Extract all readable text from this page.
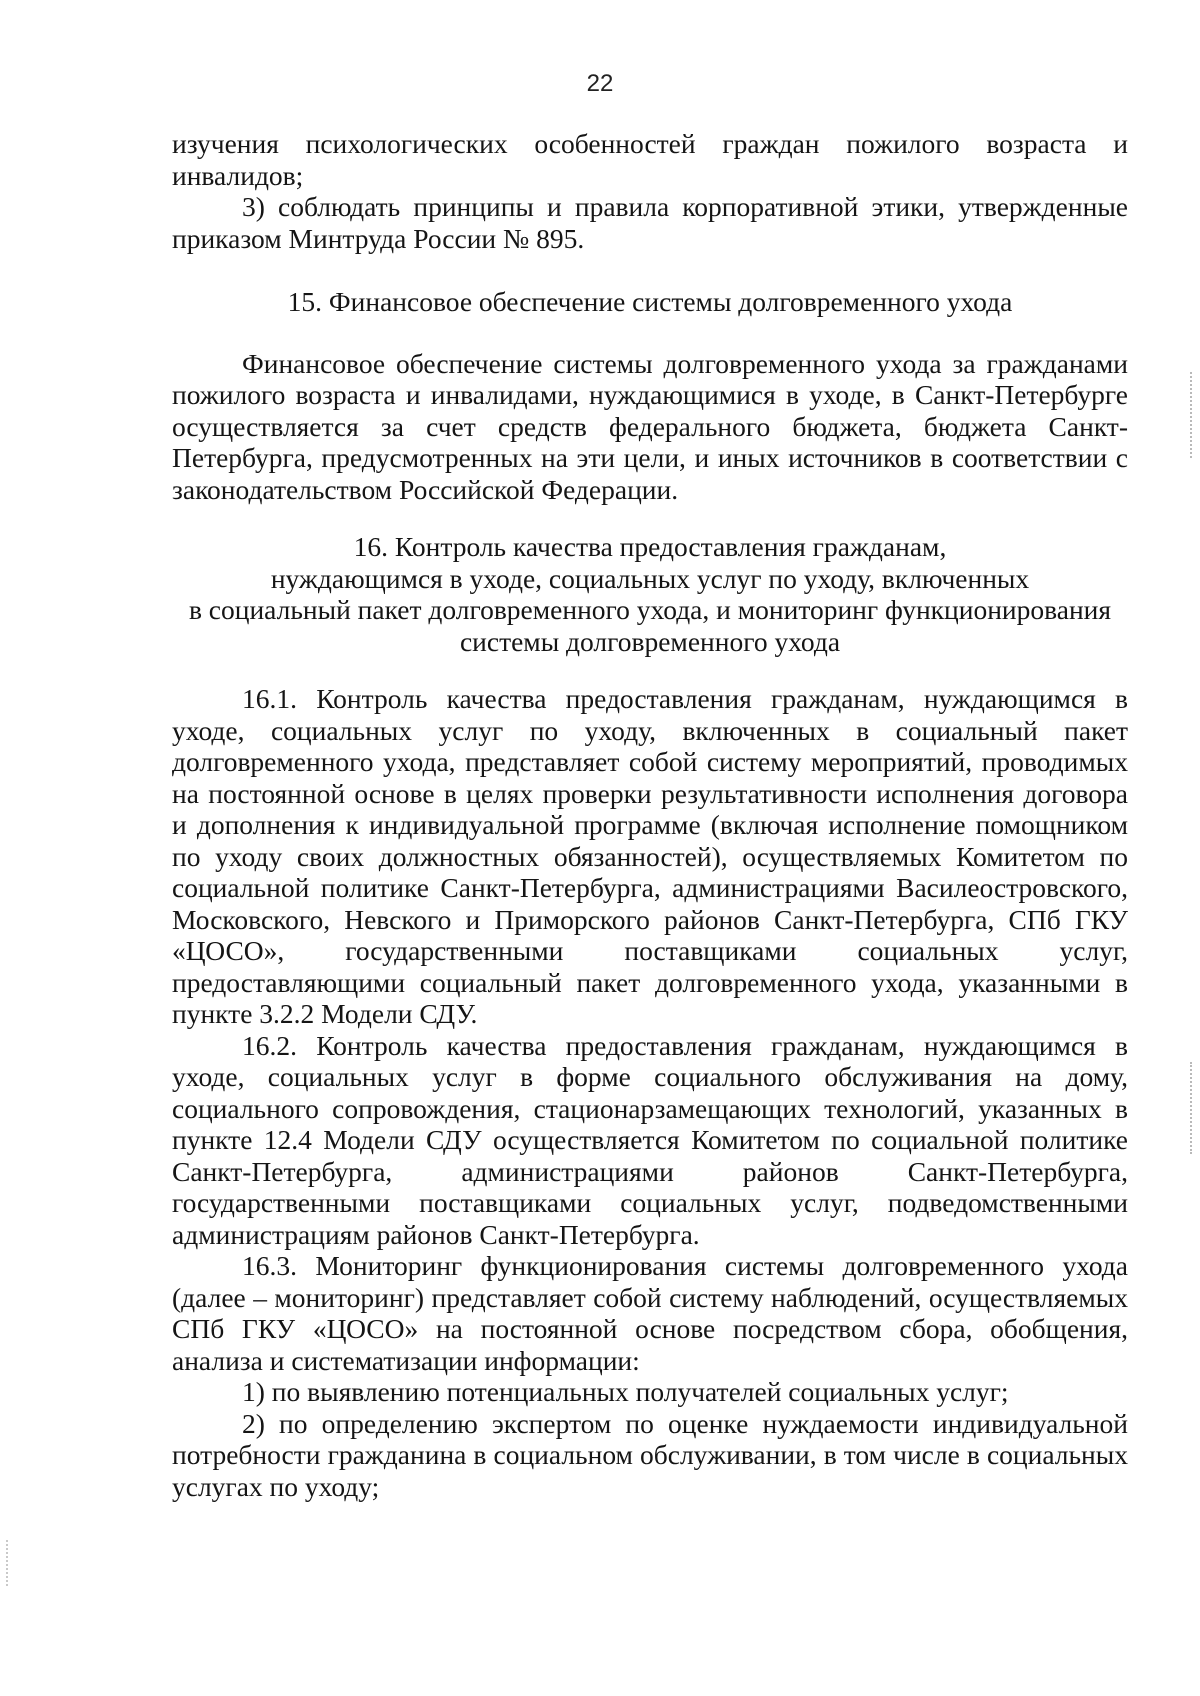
22

изучения психологических особенностей граждан пожилого возраста и инвалидов;

3) соблюдать принципы и правила корпоративной этики, утвержденные приказом Минтруда России № 895.

15. Финансовое обеспечение системы долговременного ухода

Финансовое обеспечение системы долговременного ухода за гражданами пожилого возраста и инвалидами, нуждающимися в уходе, в Санкт-Петербурге осуществляется за счет средств федерального бюджета, бюджета Санкт-Петербурга, предусмотренных на эти цели, и иных источников в соответствии с законодательством Российской Федерации.

16. Контроль качества предоставления гражданам,

нуждающимся в уходе, социальных услуг по уходу, включенных

в социальный пакет долговременного ухода, и мониторинг функционирования

системы долговременного ухода

16.1. Контроль качества предоставления гражданам, нуждающимся в уходе, социальных услуг по уходу, включенных в социальный пакет долговременного ухода, представляет собой систему мероприятий, проводимых на постоянной основе в целях проверки результативности исполнения договора и дополнения к индивидуальной программе (включая исполнение помощником по уходу своих должностных обязанностей), осуществляемых Комитетом по социальной политике Санкт-Петербурга, администрациями Василеостровского, Московского, Невского и Приморского районов Санкт-Петербурга, СПб ГКУ «ЦОСО», государственными поставщиками социальных услуг, предоставляющими социальный пакет долговременного ухода, указанными в пункте 3.2.2 Модели СДУ.

16.2. Контроль качества предоставления гражданам, нуждающимся в уходе, социальных услуг в форме социального обслуживания на дому, социального сопровождения, стационарзамещающих технологий, указанных в пункте 12.4 Модели СДУ осуществляется Комитетом по социальной политике Санкт-Петербурга, администрациями районов Санкт-Петербурга, государственными поставщиками социальных услуг, подведомственными администрациям районов Санкт-Петербурга.

16.3. Мониторинг функционирования системы долговременного ухода (далее – мониторинг) представляет собой систему наблюдений, осуществляемых СПб ГКУ «ЦОСО» на постоянной основе посредством сбора, обобщения, анализа и систематизации информации:

1) по выявлению потенциальных получателей социальных услуг;

2) по определению экспертом по оценке нуждаемости индивидуальной потребности гражданина в социальном обслуживании, в том числе в социальных услугах по уходу;
